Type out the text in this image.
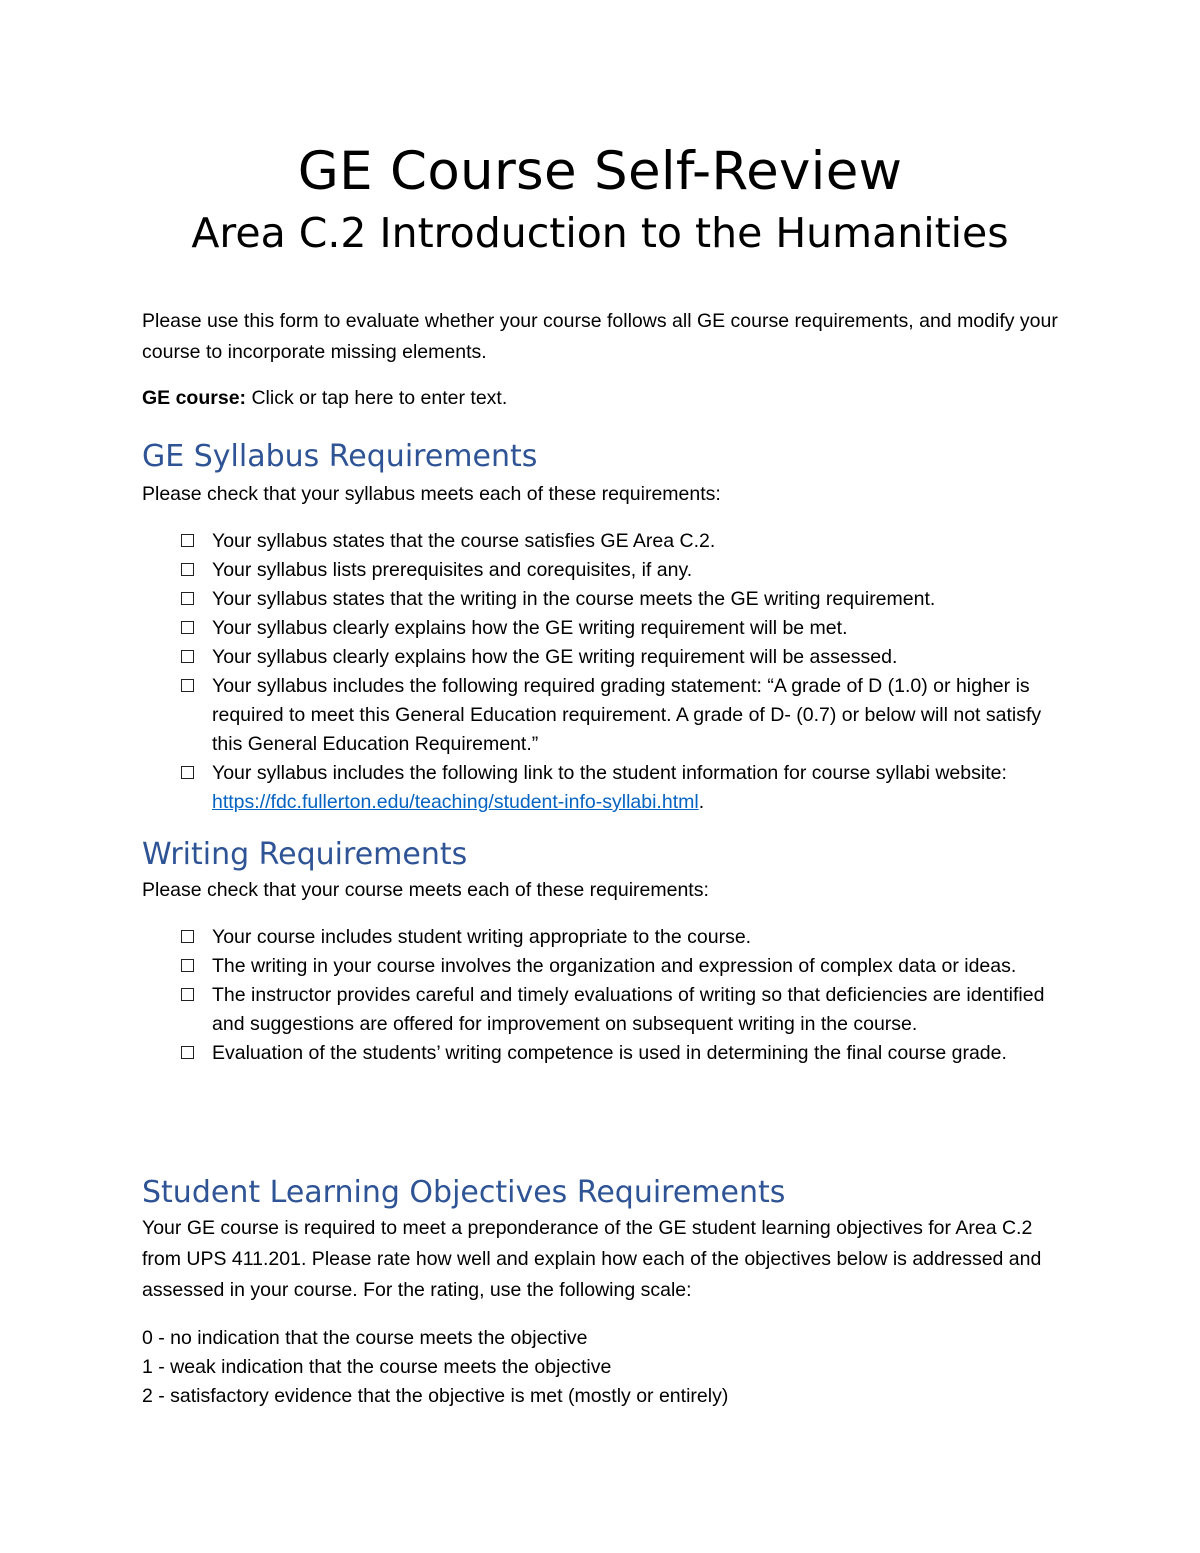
GE Course Self-Review
Area C.2 Introduction to the Humanities
Please use this form to evaluate whether your course follows all GE course requirements, and modify your course to incorporate missing elements.
GE course: Click or tap here to enter text.
GE Syllabus Requirements
Please check that your syllabus meets each of these requirements:
Your syllabus states that the course satisfies GE Area C.2.
Your syllabus lists prerequisites and corequisites, if any.
Your syllabus states that the writing in the course meets the GE writing requirement.
Your syllabus clearly explains how the GE writing requirement will be met.
Your syllabus clearly explains how the GE writing requirement will be assessed.
Your syllabus includes the following required grading statement: “A grade of D (1.0) or higher is required to meet this General Education requirement. A grade of D- (0.7) or below will not satisfy this General Education Requirement.”
Your syllabus includes the following link to the student information for course syllabi website: https://fdc.fullerton.edu/teaching/student-info-syllabi.html.
Writing Requirements
Please check that your course meets each of these requirements:
Your course includes student writing appropriate to the course.
The writing in your course involves the organization and expression of complex data or ideas.
The instructor provides careful and timely evaluations of writing so that deficiencies are identified and suggestions are offered for improvement on subsequent writing in the course.
Evaluation of the students’ writing competence is used in determining the final course grade.
Student Learning Objectives Requirements
Your GE course is required to meet a preponderance of the GE student learning objectives for Area C.2 from UPS 411.201. Please rate how well and explain how each of the objectives below is addressed and assessed in your course. For the rating, use the following scale:
0 - no indication that the course meets the objective
1 - weak indication that the course meets the objective
2 - satisfactory evidence that the objective is met (mostly or entirely)
